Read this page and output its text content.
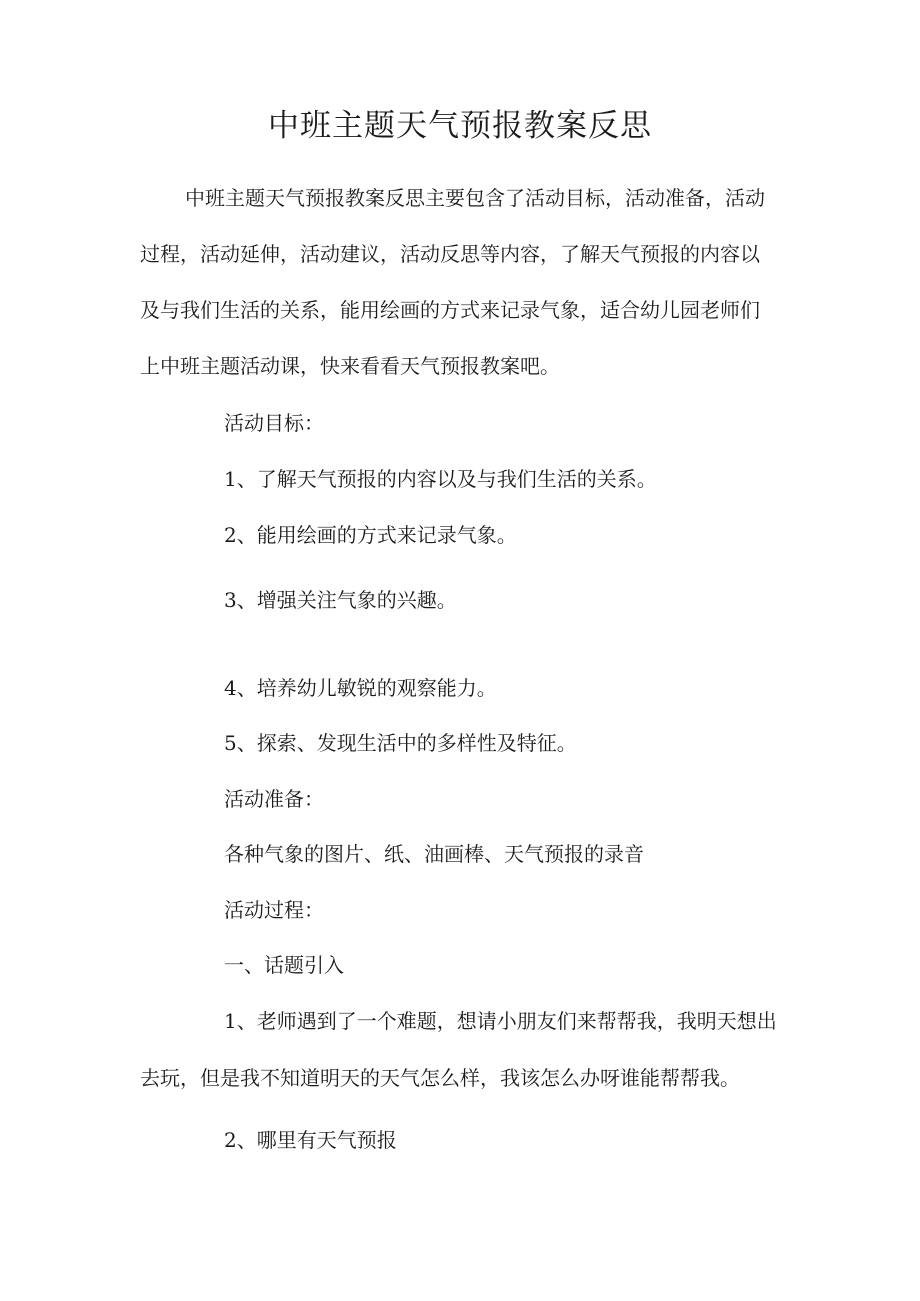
中班主题天气预报教案反思
中班主题天气预报教案反思主要包含了活动目标，活动准备，活动
过程，活动延伸，活动建议，活动反思等内容，了解天气预报的内容以
及与我们生活的关系，能用绘画的方式来记录气象，适合幼儿园老师们
上中班主题活动课，快来看看天气预报教案吧。
活动目标：
1、了解天气预报的内容以及与我们生活的关系。
2、能用绘画的方式来记录气象。
3、增强关注气象的兴趣。
4、培养幼儿敏锐的观察能力。
5、探索、发现生活中的多样性及特征。
活动准备：
各种气象的图片、纸、油画棒、天气预报的录音
活动过程：
一、话题引入
1、老师遇到了一个难题，想请小朋友们来帮帮我，我明天想出
去玩，但是我不知道明天的天气怎么样，我该怎么办呀谁能帮帮我。
2、哪里有天气预报
